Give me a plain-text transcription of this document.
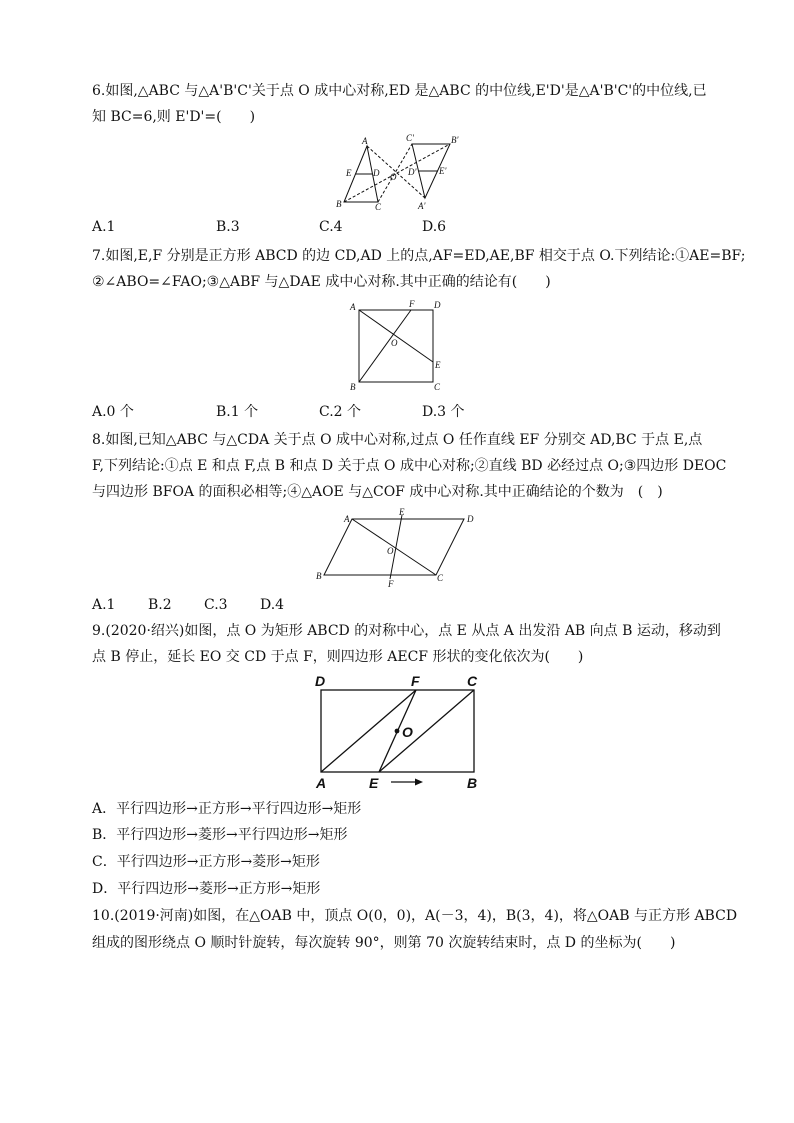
6.如图,△ABC 与△A'B'C'关于点 O 成中心对称,ED 是△ABC 的中位线,E'D'是△A'B'C'的中位线,已
知 BC=6,则 E'D'=(　　)
A
B	C
D
E	O
A'
B'
C'
D'	E'
A.1	B.3	C.4	D.6
7.如图,E,F 分别是正方形 ABCD 的边 CD,AD 上的点,AF=ED,AE,BF 相交于点 O.下列结论:①AE=BF;
②∠ABO=∠FAO;③△ABF 与△DAE 成中心对称.其中正确的结论有(　　)
A
B	C
D
E
F
O
A.0 个	B.1 个	C.2 个	D.3 个
8.如图,已知△ABC 与△CDA 关于点 O 成中心对称,过点 O 任作直线 EF 分别交 AD,BC 于点 E,点
F,下列结论:①点 E 和点 F,点 B 和点 D 关于点 O 成中心对称;②直线 BD 必经过点 O;③四边形 DEOC
与四边形 BFOA 的面积必相等;④△AOE 与△COF 成中心对称.其中正确结论的个数为　(　)
A
B	C
D
E
F
O
A.1 B.2 C.3 D.4
9.(2020·绍兴)如图，点 O 为矩形 ABCD 的对称中心，点 E 从点 A 出发沿 AB 向点 B 运动，移动到
点 B 停止，延长 EO 交 CD 于点 F，则四边形 AECF 形状的变化依次为(　　)
D	F	C
O
A	E	B
A．平行四边形→正方形→平行四边形→矩形
B．平行四边形→菱形→平行四边形→矩形
C．平行四边形→正方形→菱形→矩形
D．平行四边形→菱形→正方形→矩形
10.(2019·河南)如图，在△OAB 中，顶点 O(0，0)，A(－3，4)，B(3，4)，将△OAB 与正方形 ABCD
组成的图形绕点 O 顺时针旋转，每次旋转 90°，则第 70 次旋转结束时，点 D 的坐标为(　　)
